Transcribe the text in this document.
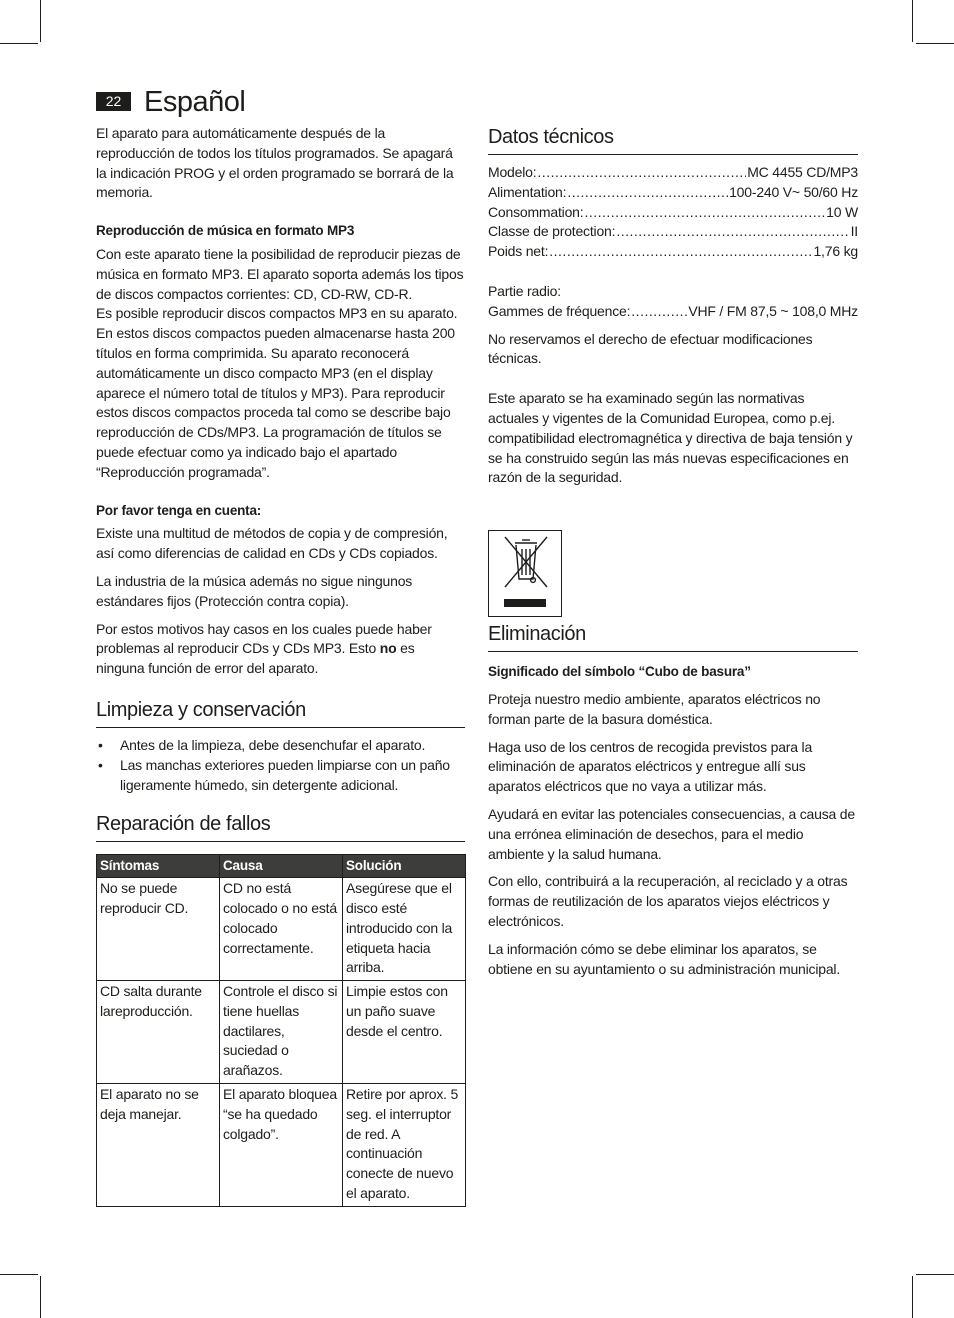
22 Español

El aparato para automáticamente después de la reproducción de todos los títulos programados. Se apagará la indicación PROG y el orden programado se borrará de la memoria.

Reproducción de música en formato MP3

Con este aparato tiene la posibilidad de reproducir piezas de música en formato MP3. El aparato soporta además los tipos de discos compactos corrientes: CD, CD-RW, CD-R.

Es posible reproducir discos compactos MP3 en su aparato. En estos discos compactos pueden almacenarse hasta 200 títulos en forma comprimida. Su aparato reconocerá automáticamente un disco compacto MP3 (en el display aparece el número total de títulos y MP3). Para reproducir estos discos compactos proceda tal como se describe bajo reproducción de CDs/MP3. La programación de títulos se puede efectuar como ya indicado bajo el apartado “Reproducción programada”.

Por favor tenga en cuenta:

Existe una multitud de métodos de copia y de compresión, así como diferencias de calidad en CDs y CDs copiados.

La industria de la música además no sigue ningunos estándares fijos (Protección contra copia).

Por estos motivos hay casos en los cuales puede haber problemas al reproducir CDs y CDs MP3. Esto no es ninguna función de error del aparato.

Limpieza y conservación
• Antes de la limpieza, debe desenchufar el aparato.
• Las manchas exteriores pueden limpiarse con un paño ligeramente húmedo, sin detergente adicional.
Reparación de fallos
Síntomas	Causa	Solución
No se puede reproducir CD.	CD no está colocado o no está colocado correctamente.	Asegúrese que el disco esté introducido con la etiqueta hacia arriba.
CD salta durante lareproducción.	Controle el disco si tiene huellas dactilares, suciedad o arañazos.	Limpie estos con un paño suave desde el centro.
El aparato no se deja manejar.	El aparato bloquea “se ha quedado colgado”.	Retire por aprox. 5 seg. el interruptor de red. A continuación conecte de nuevo el aparato.
Datos técnicos
Modelo: .....	MC 4455 CD/MP3
Alimentation: .....	100-240 V~ 50/60 Hz
Consommation: .....	10 W
Classe de protection: .....	II
Poids net: .....	1,76 kg
Partie radio:
Gammes de fréquence: .....	VHF / FM 87,5 ~ 108,0 MHz

No reservamos el derecho de efectuar modificaciones técnicas.

Este aparato se ha examinado según las normativas actuales y vigentes de la Comunidad Europea, como p.ej. compatibilidad electromagnética y directiva de baja tensión y se ha construido según las más nuevas especificaciones en razón de la seguridad.

Eliminación
Significado del símbolo “Cubo de basura”

Proteja nuestro medio ambiente, aparatos eléctricos no forman parte de la basura doméstica.

Haga uso de los centros de recogida previstos para la eliminación de aparatos eléctricos y entregue allí sus aparatos eléctricos que no vaya a utilizar más.

Ayudará en evitar las potenciales consecuencias, a causa de una errónea eliminación de desechos, para el medio ambiente y la salud humana.

Con ello, contribuirá a la recuperación, al reciclado y a otras formas de reutilización de los aparatos viejos eléctricos y electrónicos.

La información cómo se debe eliminar los aparatos, se obtiene en su ayuntamiento o su administración municipal.
